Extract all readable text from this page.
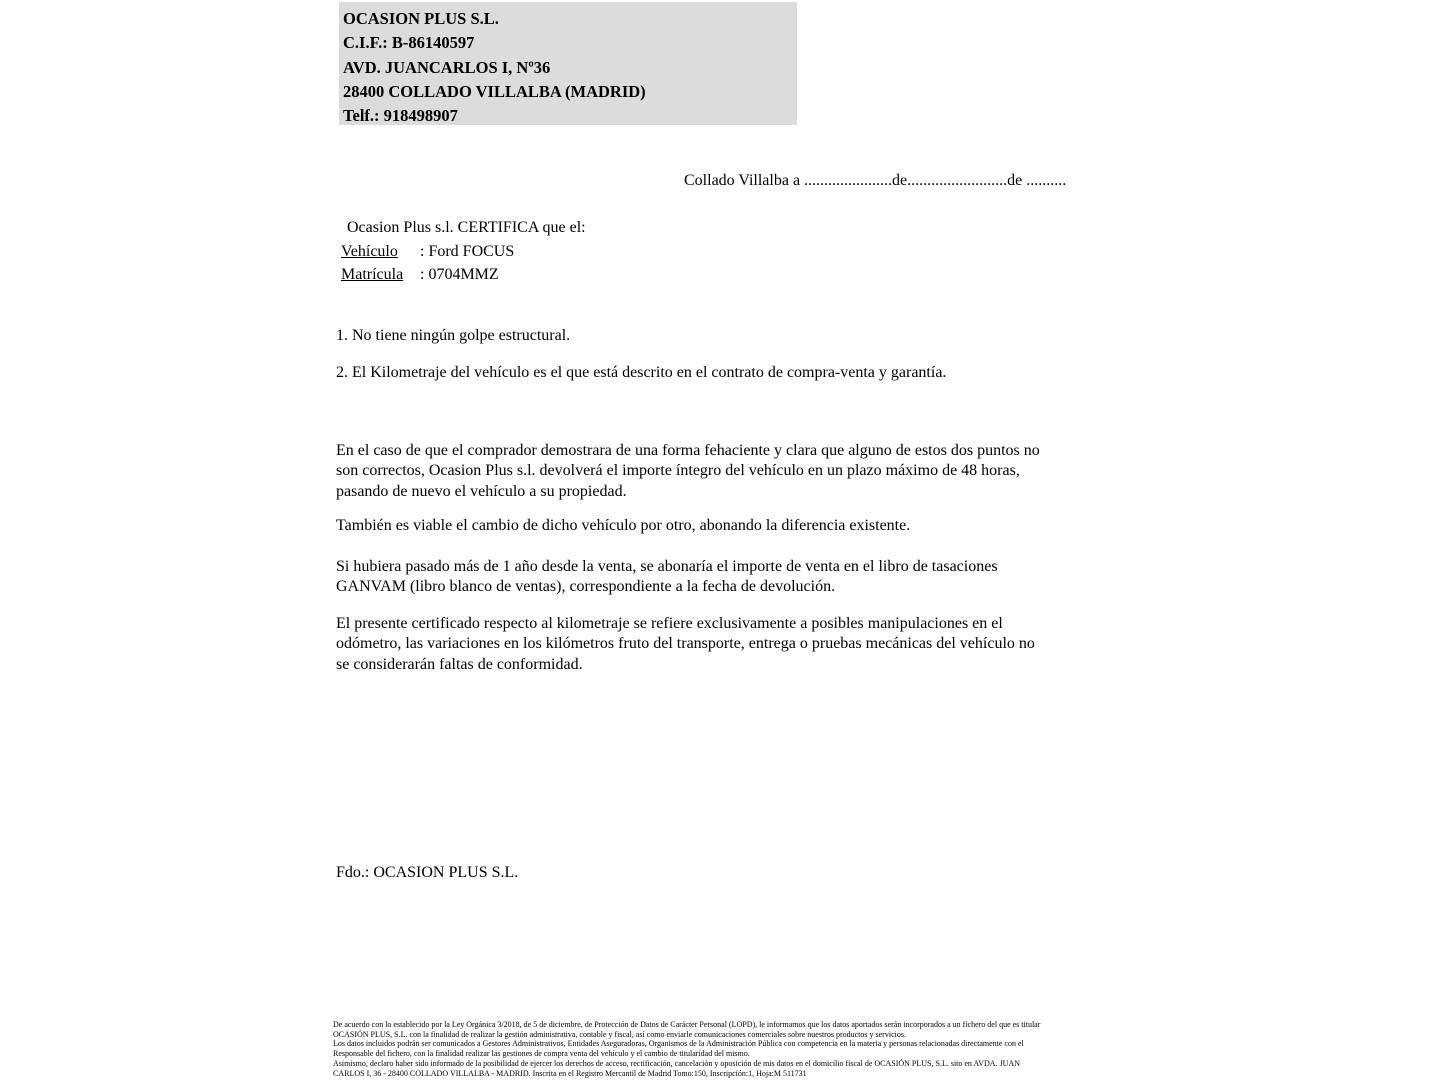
OCASION PLUS S.L.
C.I.F.: B-86140597
AVD. JUANCARLOS I, Nº36
28400 COLLADO VILLALBA (MADRID)
Telf.: 918498907
Collado Villalba a ......................de.........................de ..........
Ocasion Plus s.l. CERTIFICA que el:
Vehículo : Ford FOCUS
Matrícula : 0704MMZ
1. No tiene ningún golpe estructural.
2. El Kilometraje del vehículo es el que está descrito en el contrato de compra-venta y garantía.
En el caso de que el comprador demostrara de una forma fehaciente y clara que alguno de estos dos puntos no
son correctos, Ocasion Plus s.l. devolverá el importe íntegro del vehículo en un plazo máximo de 48 horas,
pasando de nuevo el vehículo a su propiedad.
También es viable el cambio de dicho vehículo por otro, abonando la diferencia existente.
Si hubiera pasado más de 1 año desde la venta, se abonaría el importe de venta en el libro de tasaciones
GANVAM (libro blanco de ventas), correspondiente a la fecha de devolución.
El presente certificado respecto al kilometraje se refiere exclusivamente a posibles manipulaciones en el
odómetro, las variaciones en los kilómetros fruto del transporte, entrega o pruebas mecánicas del vehículo no
se considerarán faltas de conformidad.
Fdo.: OCASION PLUS S.L.
De acuerdo con lo establecido por la Ley Orgánica 3/2018, de 5 de diciembre, de Protección de Datos de Carácter Personal (LOPD), le informamos que los datos aportados serán incorporados a un fichero del que es titular
OCASIÓN PLUS, S.L. con la finalidad de realizar la gestión administrativa, contable y fiscal, así como enviarle comunicaciones comerciales sobre nuestros productos y servicios.
Los datos incluidos podrán ser comunicados a Gestores Administrativos, Entidades Aseguradoras, Organismos de la Administración Pública con competencia en la materia y personas relacionadas directamente con el
Responsable del fichero, con la finalidad realizar las gestiones de compra venta del vehículo y el cambio de titularidad del mismo.
Asimismo, declaro haber sido informado de la posibilidad de ejercer los derechos de acceso, rectificación, cancelación y oposición de mis datos en el domicilio fiscal de OCASIÓN PLUS, S.L. sito en AVDA. JUAN
CARLOS I, 36 - 28400 COLLADO VILLALBA - MADRID. Inscrita en el Registro Mercantil de Madrid Tomo:150, Inscripción:1, Hoja:M 511731
